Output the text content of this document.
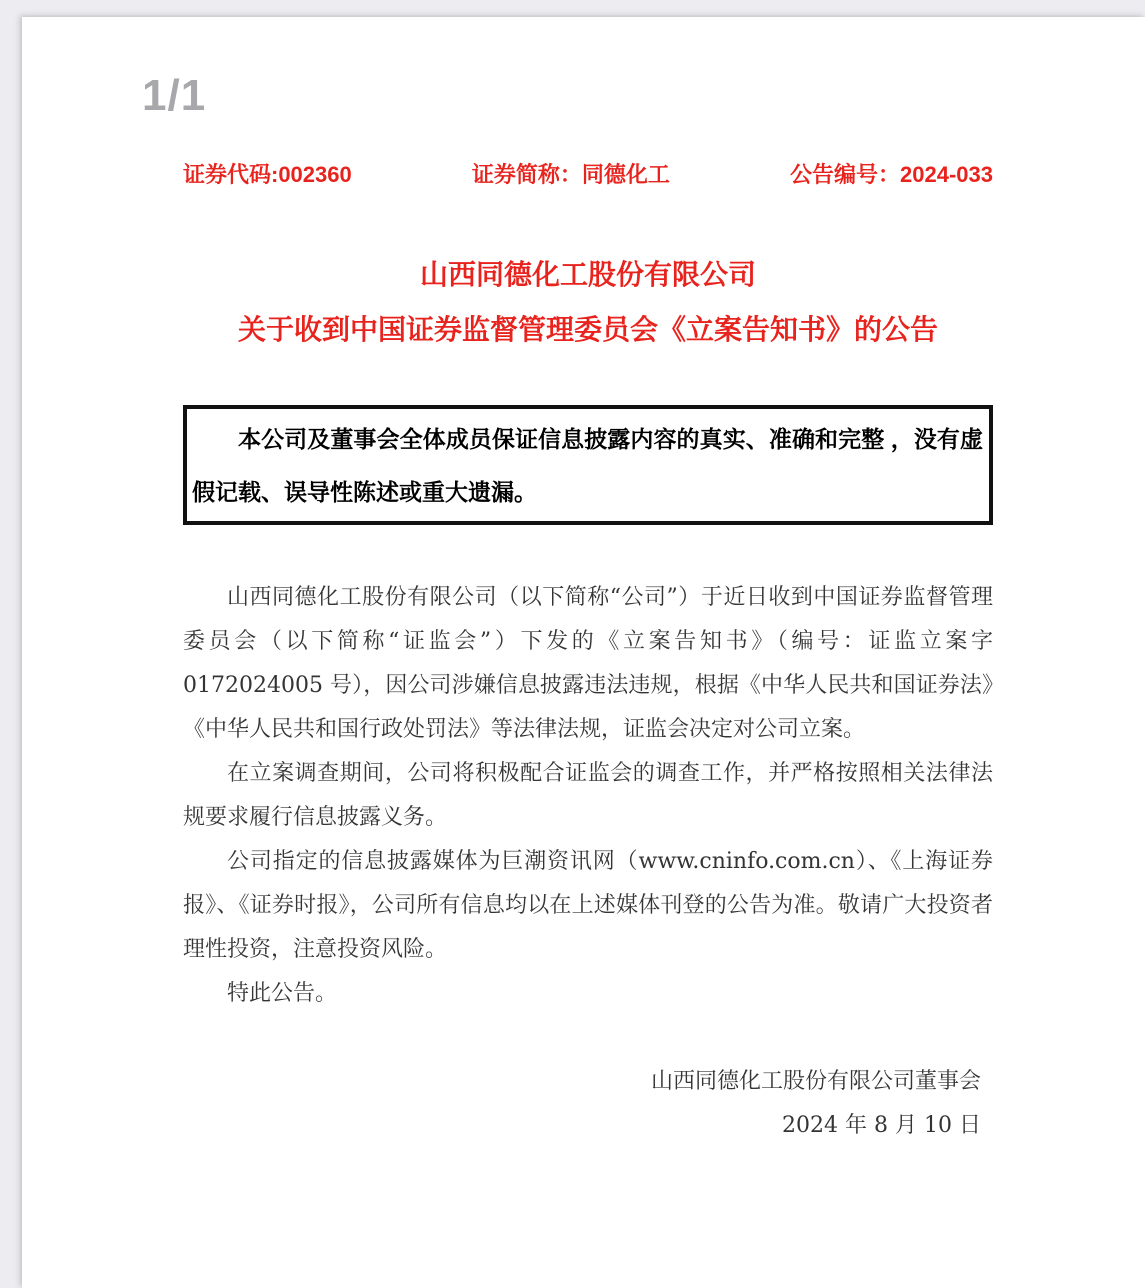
1/1
证券代码:002360	证券简称：同德化工	公告编号：2024-033
山西同德化工股份有限公司
关于收到中国证券监督管理委员会《立案告知书》的公告

本公司及董事会全体成员保证信息披露内容的真实、准确和完整 ，没有虚假记载、误导性陈述或重大遗漏。

山西同德化工股份有限公司（以下简称“公司”）于近日收到中国证券监督管理委员会（以下简称“证监会”）下发的《立案告知书》（编号：证监立案字0172024005 号），因公司涉嫌信息披露违法违规，根据《中华人民共和国证券法》《中华人民共和国行政处罚法》等法律法规，证监会决定对公司立案。

在立案调查期间，公司将积极配合证监会的调查工作，并严格按照相关法律法规要求履行信息披露义务。

公司指定的信息披露媒体为巨潮资讯网（www.cninfo.com.cn）、《上海证券报》、《证券时报》，公司所有信息均以在上述媒体刊登的公告为准。敬请广大投资者理性投资，注意投资风险。

特此公告。

山西同德化工股份有限公司董事会
2024 年 8 月 10 日
